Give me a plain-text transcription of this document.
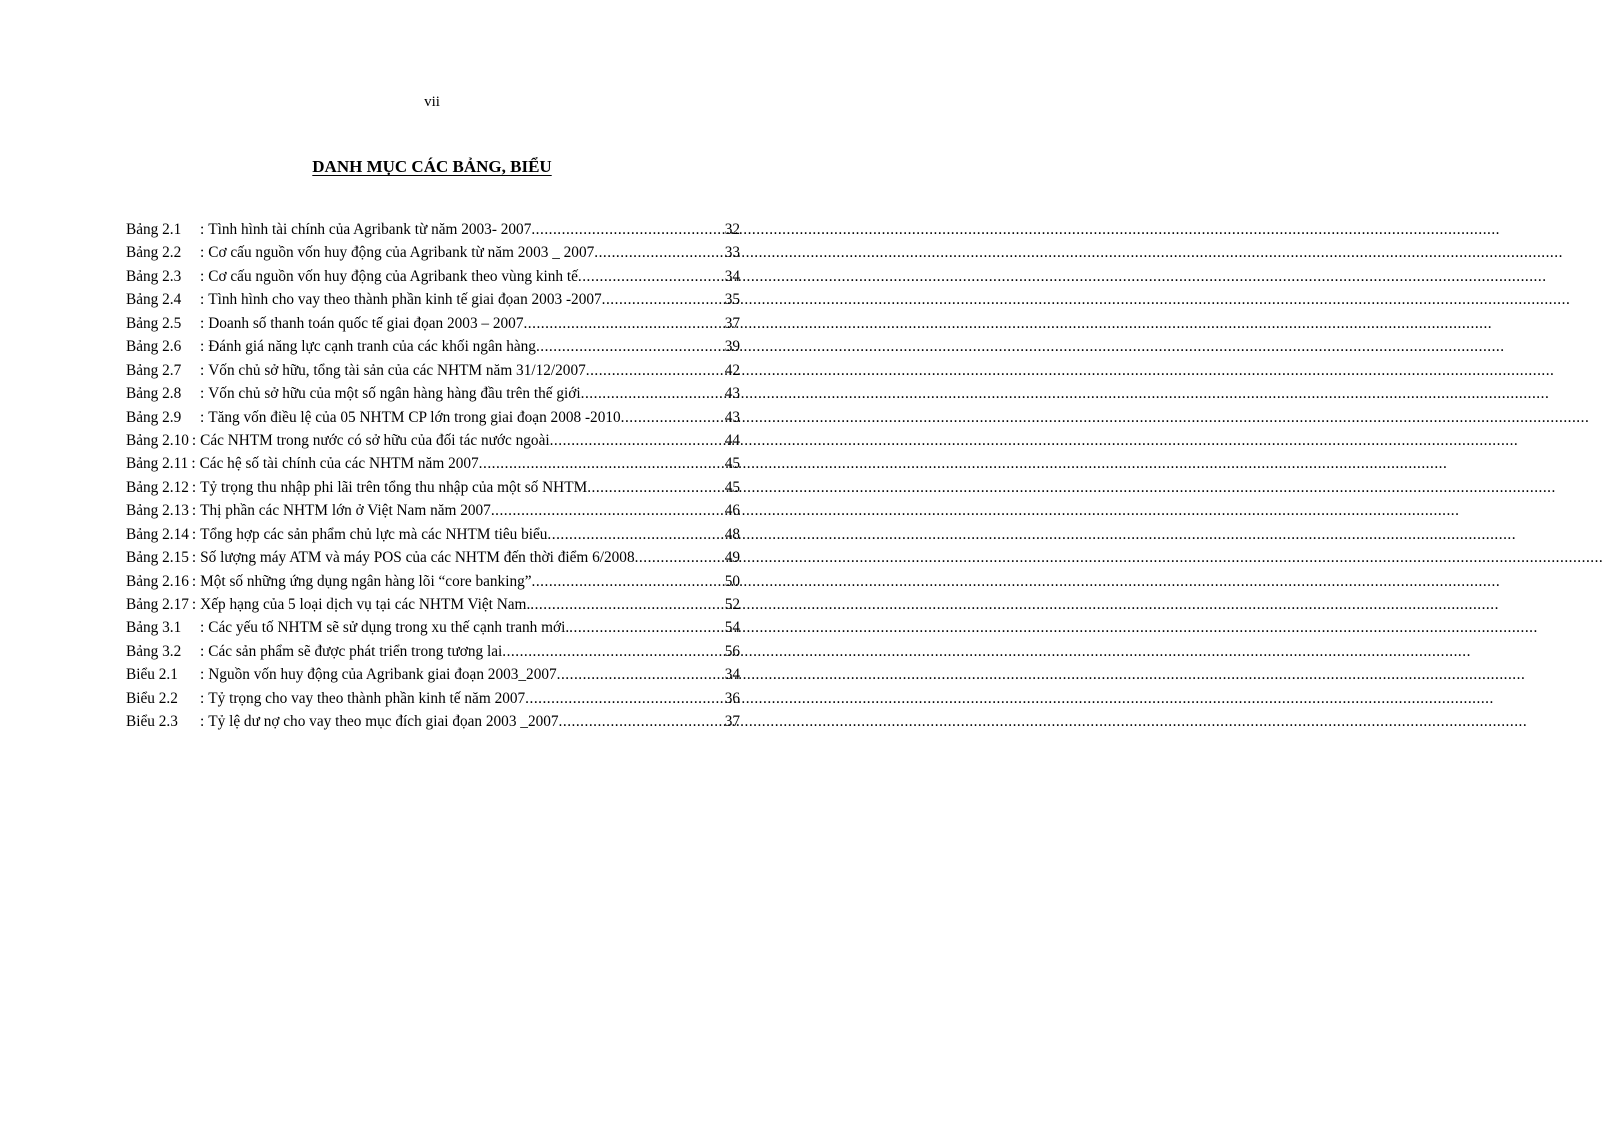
vii
DANH MỤC CÁC BẢNG, BIỂU
Bảng 2.1	: Tình hình tài chính của Agribank từ năm 2003- 2007 .....	32
Bảng 2.2	: Cơ cấu nguồn vốn huy động của Agribank từ năm 2003 _ 2007 .....	33
Bảng 2.3	: Cơ cấu nguồn vốn huy động của Agribank theo vùng kinh tế .....	34
Bảng 2.4	: Tình hình cho vay theo thành phần kinh tế giai đọan 2003 -2007 .....	35
Bảng 2.5	: Doanh số thanh toán quốc tế giai đọan 2003 – 2007 .....	37
Bảng 2.6	: Đánh giá năng lực cạnh tranh của các khối ngân hàng .....	39
Bảng 2.7	: Vốn chủ sở hữu, tổng tài sản của các NHTM năm 31/12/2007 .....	42
Bảng 2.8	: Vốn chủ sở hữu của một số ngân hàng hàng đầu trên thế giới .....	43
Bảng 2.9	: Tăng vốn điều lệ của 05 NHTM CP lớn trong giai đoạn 2008 -2010 .....	43
Bảng 2.10 : Các NHTM trong nước có sở hữu của đối tác nước ngoài .....	44
Bảng 2.11 : Các hệ số tài chính của các NHTM năm 2007 .....	45
Bảng 2.12 : Tỷ trọng thu nhập phi lãi trên tổng thu nhập của một số NHTM .....	45
Bảng 2.13 : Thị phần các NHTM lớn ở Việt Nam năm 2007 .....	46
Bảng 2.14 : Tổng hợp các sản phẩm chủ lực mà các NHTM tiêu biểu .....	48
Bảng 2.15 : Số lượng máy ATM và máy POS của các NHTM đến thời điểm 6/2008 .....	49
Bảng 2.16 : Một số những ứng dụng ngân hàng lõi “core banking” .....	50
Bảng 2.17 : Xếp hạng của 5 loại dịch vụ tại các NHTM Việt Nam. .....	52
Bảng 3.1	: Các yếu tố NHTM sẽ sử dụng trong xu thế cạnh tranh mới. .....	54
Bảng 3.2	: Các sản phẩm sẽ được phát triển trong tương lai .....	56
Biểu 2.1	: Nguồn vốn huy động của Agribank giai đoạn 2003_2007 .....	34
Biểu 2.2	: Tỷ trọng cho vay theo thành phần kinh tế năm 2007 .....	36
Biểu 2.3	: Tỷ lệ dư nợ cho vay theo mục đích giai đọan 2003 _2007 .....	37
